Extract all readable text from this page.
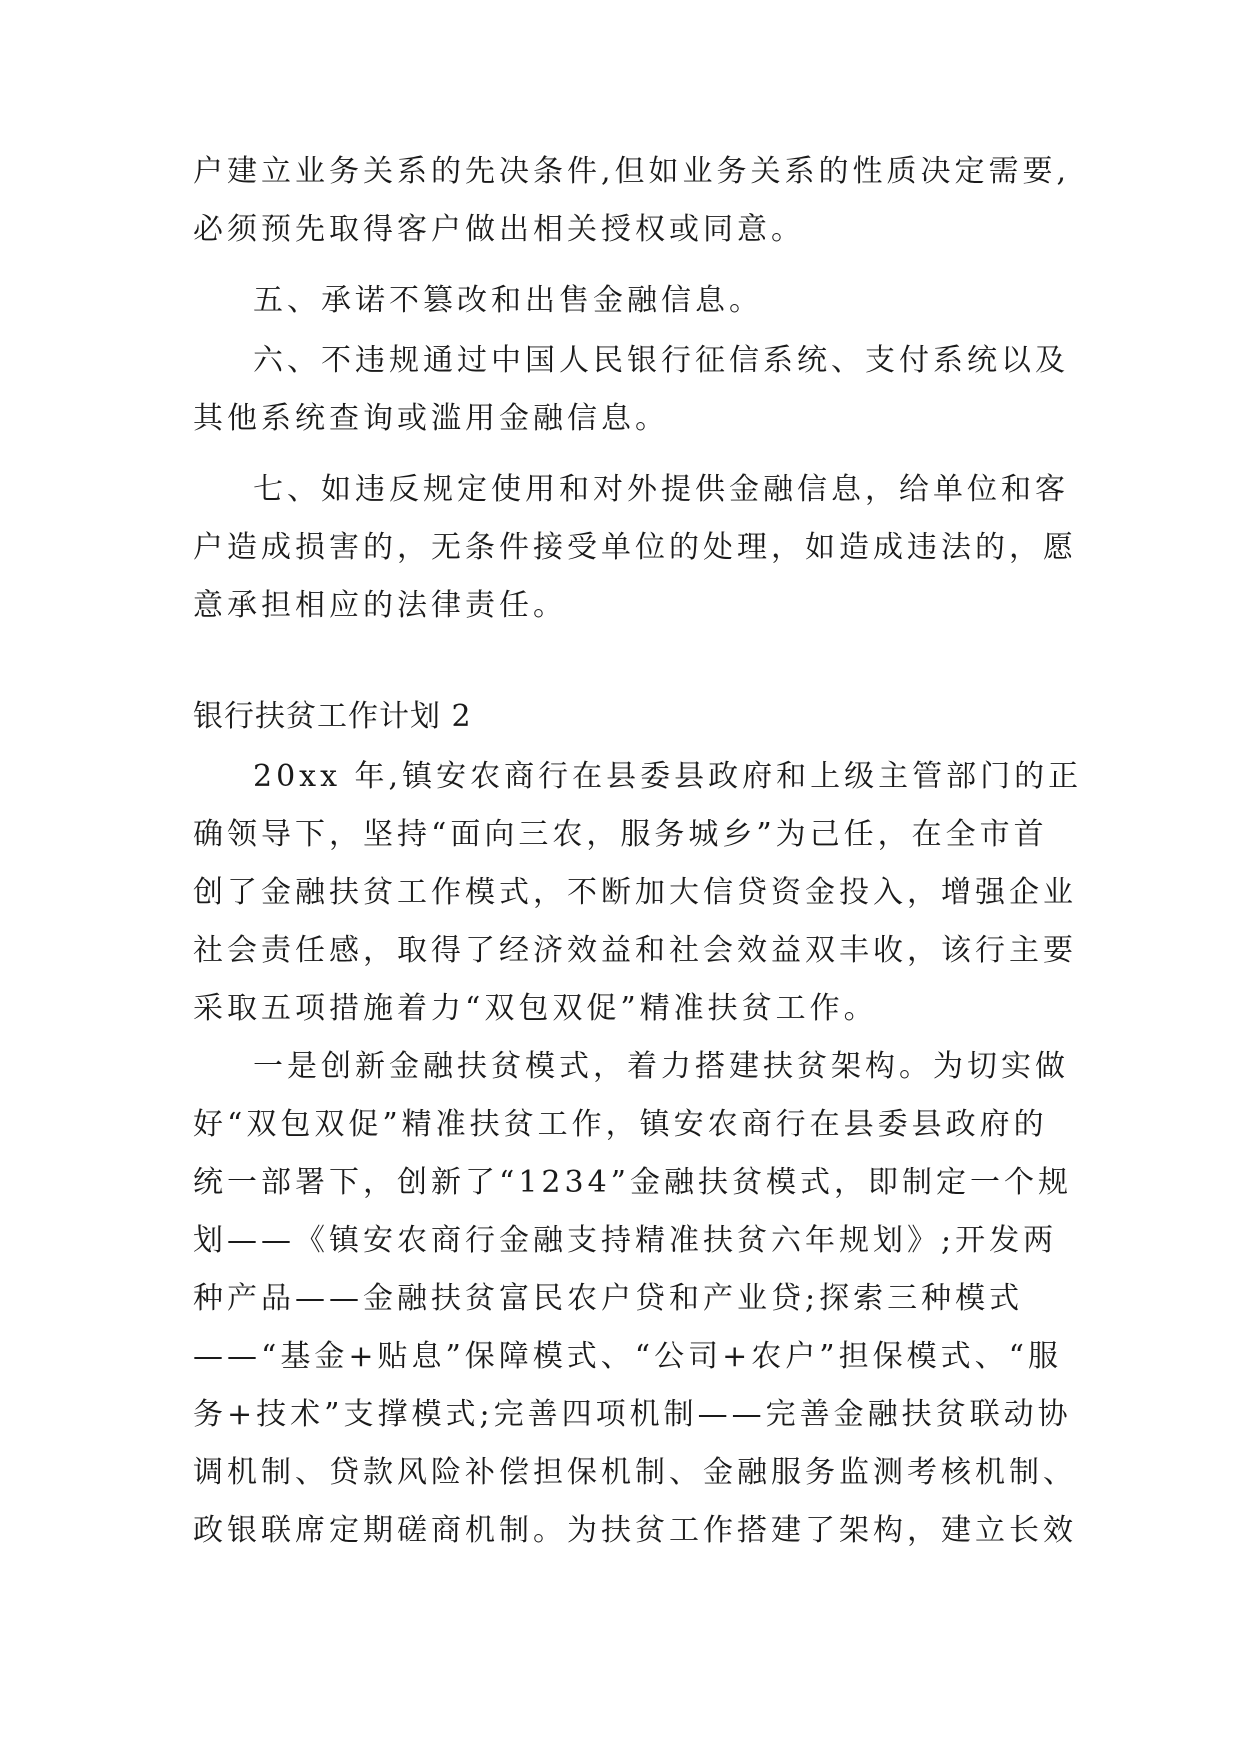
户建立业务关系的先决条件,但如业务关系的性质决定需要,
必须预先取得客户做出相关授权或同意。
五、承诺不篡改和出售金融信息。
六、不违规通过中国人民银行征信系统、支付系统以及
其他系统查询或滥用金融信息。
七、如违反规定使用和对外提供金融信息，给单位和客
户造成损害的，无条件接受单位的处理，如造成违法的，愿
意承担相应的法律责任。
银行扶贫工作计划 2
20xx 年,镇安农商行在县委县政府和上级主管部门的正
确领导下，坚持“面向三农，服务城乡”为己任，在全市首
创了金融扶贫工作模式，不断加大信贷资金投入，增强企业
社会责任感，取得了经济效益和社会效益双丰收，该行主要
采取五项措施着力“双包双促”精准扶贫工作。
一是创新金融扶贫模式，着力搭建扶贫架构。为切实做
好“双包双促”精准扶贫工作，镇安农商行在县委县政府的
统一部署下，创新了“1234”金融扶贫模式，即制定一个规
划——《镇安农商行金融支持精准扶贫六年规划》;开发两
种产品——金融扶贫富民农户贷和产业贷;探索三种模式
——“基金+贴息”保障模式、“公司+农户”担保模式、“服
务+技术”支撑模式;完善四项机制——完善金融扶贫联动协
调机制、贷款风险补偿担保机制、金融服务监测考核机制、
政银联席定期磋商机制。为扶贫工作搭建了架构，建立长效
